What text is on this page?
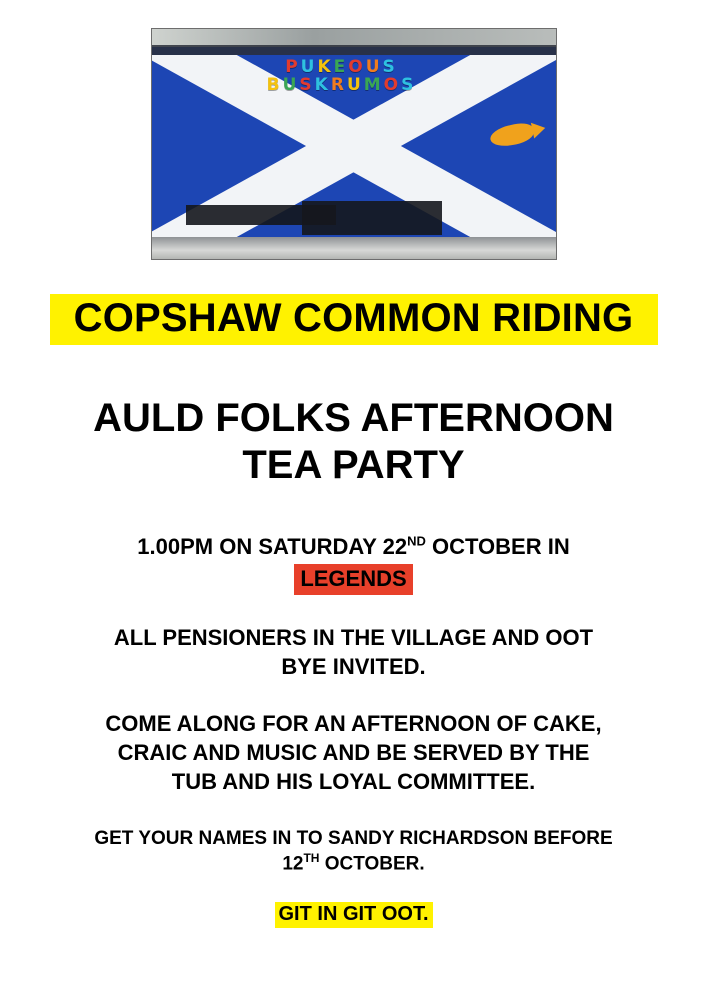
P U K E O U S
B U S K R U M O S
COPSHAW COMMON RIDING
AULD FOLKS AFTERNOON
TEA PARTY
1.00PM ON SATURDAY 22ND OCTOBER IN
LEGENDS
ALL PENSIONERS IN THE VILLAGE AND OOT
BYE INVITED.
COME ALONG FOR AN AFTERNOON OF CAKE,
CRAIC AND MUSIC AND BE SERVED BY THE
TUB AND HIS LOYAL COMMITTEE.
GET YOUR NAMES IN TO SANDY RICHARDSON BEFORE
12TH OCTOBER.
GIT IN GIT OOT.
